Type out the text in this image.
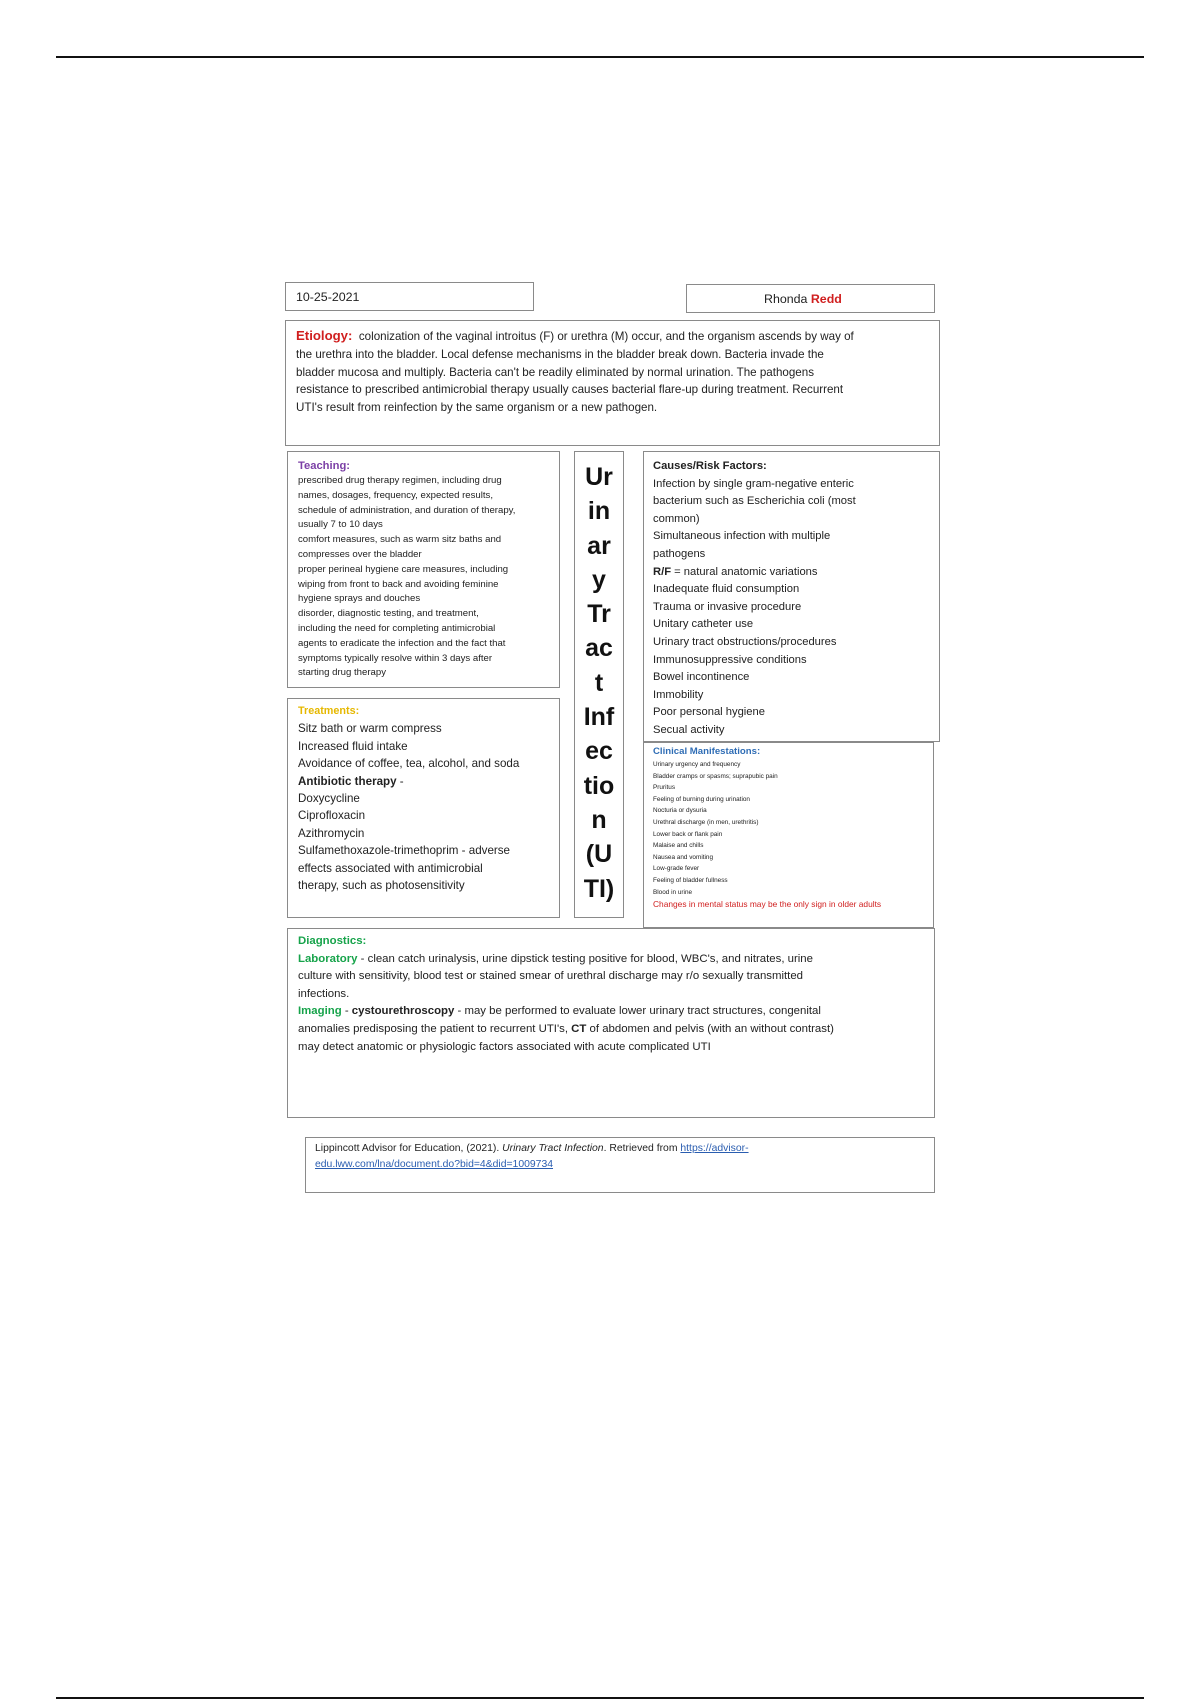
10-25-2021	Rhonda Redd
Etiology: colonization of the vaginal introitus (F) or urethra (M) occur, and the organism ascends by way of
the urethra into the bladder. Local defense mechanisms in the bladder break down. Bacteria invade the
bladder mucosa and multiply. Bacteria can't be readily eliminated by normal urination. The pathogens
resistance to prescribed antimicrobial therapy usually causes bacterial flare-up during treatment. Recurrent
UTI's result from reinfection by the same organism or a new pathogen.
Teaching:
prescribed drug therapy regimen, including drug
names, dosages, frequency, expected results,
schedule of administration, and duration of therapy,
usually 7 to 10 days
comfort measures, such as warm sitz baths and
compresses over the bladder
proper perineal hygiene care measures, including
wiping from front to back and avoiding feminine
hygiene sprays and douches
disorder, diagnostic testing, and treatment,
including the need for completing antimicrobial
agents to eradicate the infection and the fact that
symptoms typically resolve within 3 days after
starting drug therapy
Ur
in
ar
y
Tr
ac
t
Inf
ec
tio
n
(U
TI)
Clinical Manifestations:
Urinary urgency and frequency
Bladder cramps or spasms; suprapubic pain
Pruritus
Feeling of burning during urination
Nocturia or dysuria
Urethral discharge (in men, urethritis)
Lower back or flank pain
Malaise and chills
Nausea and vomiting
Low-grade fever
Feeling of bladder fullness
Blood in urine
Changes in mental status may be the only sign in older adults
Causes/Risk Factors:
Infection by single gram-negative enteric
bacterium such as Escherichia coli (most
common)
Simultaneous infection with multiple
pathogens
R/F = natural anatomic variations
Inadequate fluid consumption
Trauma or invasive procedure
Unitary catheter use
Urinary tract obstructions/procedures
Immunosuppressive conditions
Bowel incontinence
Immobility
Poor personal hygiene
Secual activity
Treatments:
Sitz bath or warm compress
Increased fluid intake
Avoidance of coffee, tea, alcohol, and soda
Antibiotic therapy -
Doxycycline
Ciprofloxacin
Azithromycin
Sulfamethoxazole-trimethoprim - adverse
effects associated with antimicrobial
therapy, such as photosensitivity
Diagnostics:
Laboratory - clean catch urinalysis, urine dipstick testing positive for blood, WBC's, and nitrates, urine
culture with sensitivity, blood test or stained smear of urethral discharge may r/o sexually transmitted
infections.
Imaging - cystourethroscopy - may be performed to evaluate lower urinary tract structures, congenital
anomalies predisposing the patient to recurrent UTI's, CT of abdomen and pelvis (with an without contrast)
may detect anatomic or physiologic factors associated with acute complicated UTI
Lippincott Advisor for Education, (2021). Urinary Tract Infection. Retrieved from https://advisor-
edu.lww.com/lna/document.do?bid=4&did=1009734
